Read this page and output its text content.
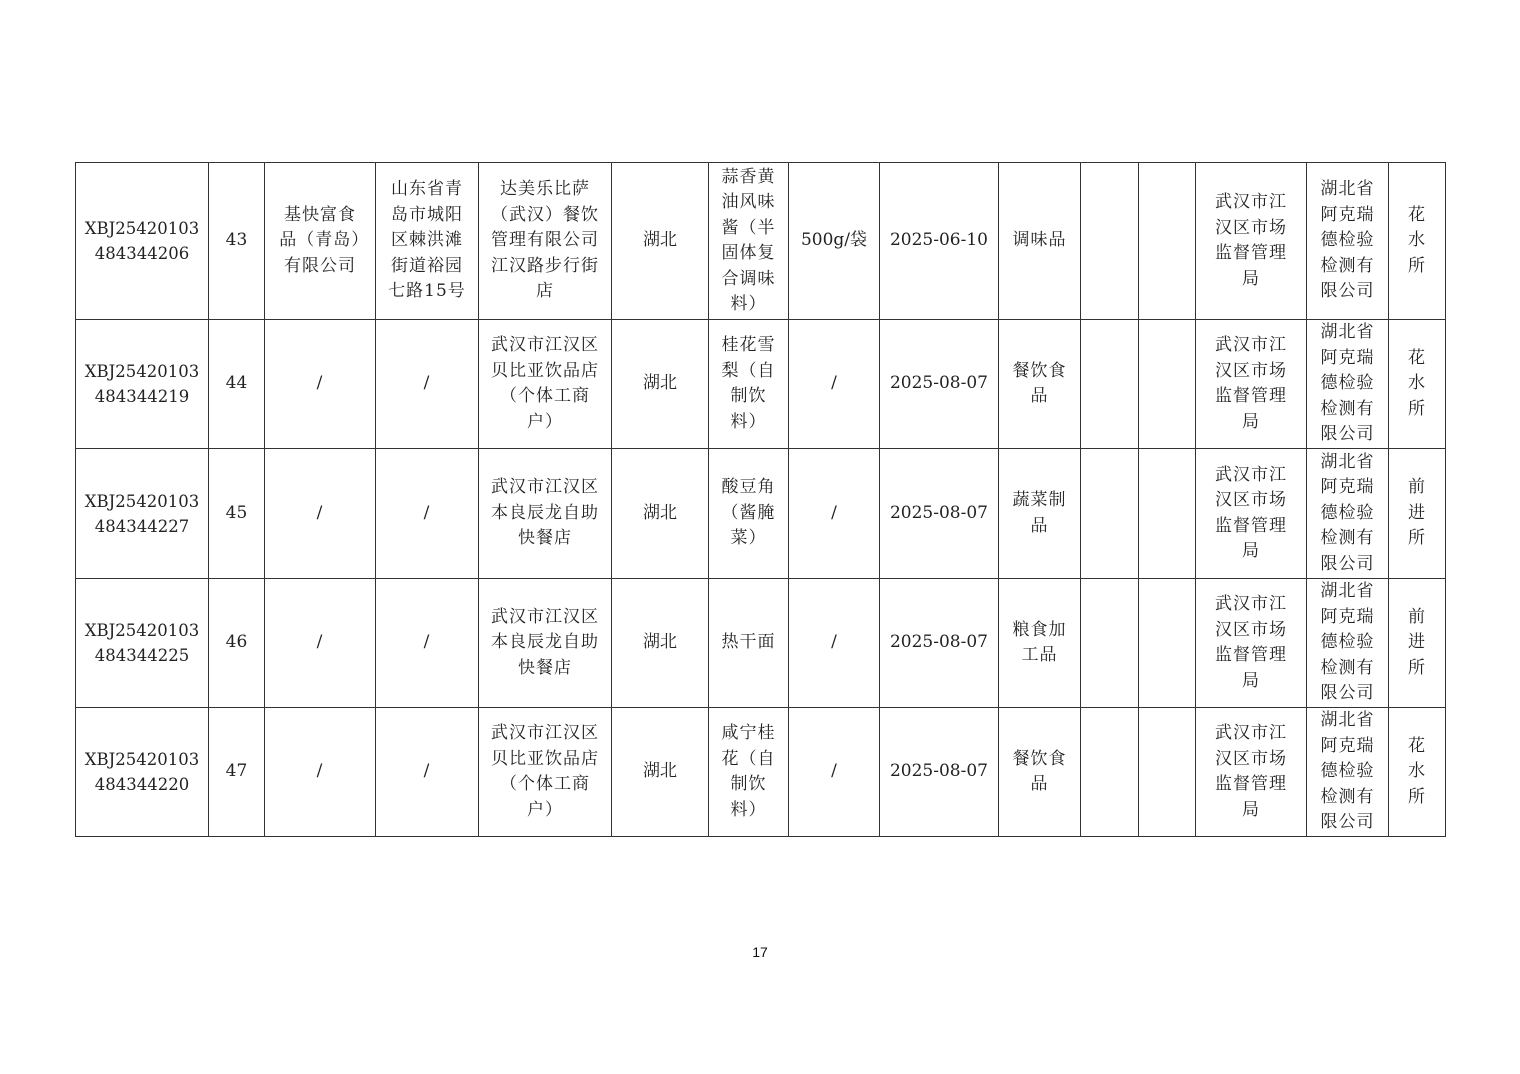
XBJ25420103
484344206	43	基快富食品（青岛）有限公司	山东省青岛市城阳区棘洪滩街道裕园七路15号	达美乐比萨（武汉）餐饮管理有限公司江汉路步行街店	湖北	蒜香黄油风味酱（半固体复合调味料）	500g/袋	2025-06-10	调味品			武汉市江汉区市场监督管理局	湖北省阿克瑞德检验检测有限公司	花水所

XBJ25420103
484344219	44	/	/	武汉市江汉区贝比亚饮品店（个体工商户）	湖北	桂花雪梨（自制饮料）	/	2025-08-07	餐饮食品			武汉市江汉区市场监督管理局	湖北省阿克瑞德检验检测有限公司	花水所

XBJ25420103
484344227	45	/	/	武汉市江汉区本良辰龙自助快餐店	湖北	酸豆角（酱腌菜）	/	2025-08-07	蔬菜制品			武汉市江汉区市场监督管理局	湖北省阿克瑞德检验检测有限公司	前进所

XBJ25420103
484344225	46	/	/	武汉市江汉区本良辰龙自助快餐店	湖北	热干面	/	2025-08-07	粮食加工品			武汉市江汉区市场监督管理局	湖北省阿克瑞德检验检测有限公司	前进所

XBJ25420103
484344220	47	/	/	武汉市江汉区贝比亚饮品店（个体工商户）	湖北	咸宁桂花（自制饮料）	/	2025-08-07	餐饮食品			武汉市江汉区市场监督管理局	湖北省阿克瑞德检验检测有限公司	花水所
17
